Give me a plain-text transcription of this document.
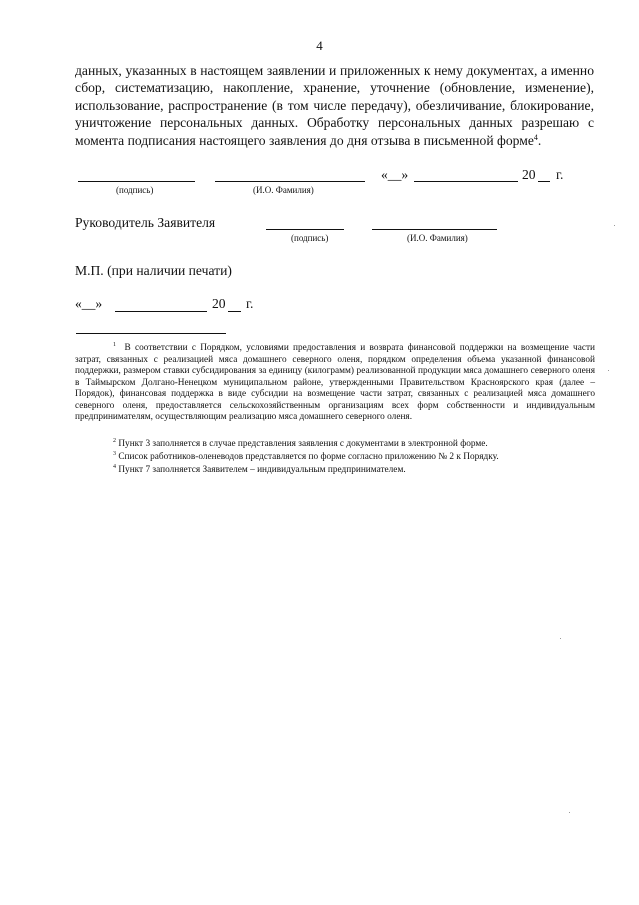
4
данных, указанных в настоящем заявлении и приложенных к нему документах, а именно сбор, систематизацию, накопление, хранение, уточнение (обновление, изменение), использование, распространение (в том числе передачу), обезличивание, блокирование, уничтожение персональных данных. Обработку персональных данных разрешаю с момента подписания настоящего заявления до дня отзыва в письменной форме$^4$.
(подпись)	(И.О. Фамилия)
«__»	20 г.
Руководитель Заявителя
(подпись)	(И.О. Фамилия)
М.П. (при наличии печати)
«__»	20 г.
$^1$ В соответствии с Порядком, условиями предоставления и возврата финансовой поддержки на возмещение части затрат, связанных с реализацией мяса домашнего северного оленя, порядком определения объема указанной финансовой поддержки, размером ставки субсидирования за единицу (килограмм) реализованной продукции мяса домашнего северного оленя в Таймырском Долгано-Ненецком муниципальном районе, утвержденными Правительством Красноярского края (далее – Порядок), финансовая поддержка в виде субсидии на возмещение части затрат, связанных с реализацией мяса домашнего северного оленя, предоставляется сельскохозяйственным организациям всех форм собственности и индивидуальным предпринимателям, осуществляющим реализацию мяса домашнего северного оленя.
$^2$ Пункт 3 заполняется в случае представления заявления с документами в электронной форме.
$^3$ Список работников-оленеводов представляется по форме согласно приложению № 2 к Порядку.
$^4$ Пункт 7 заполняется Заявителем – индивидуальным предпринимателем.
